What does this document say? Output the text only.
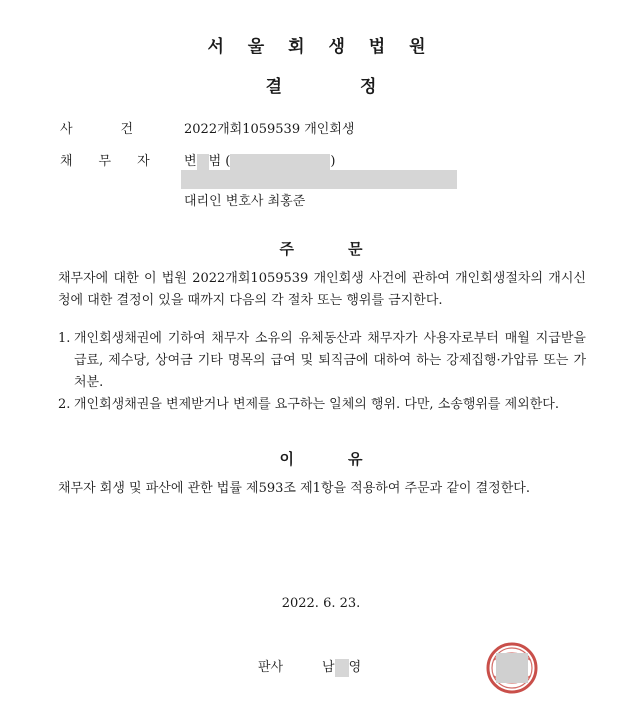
서 울 회 생 법 원
결정
사건 2022개회1059539 개인회생
채무자 변 범 (	)
대리인 변호사 최홍준
주문
채무자에 대한 이 법원 2022개회1059539 개인회생 사건에 관하여 개인회생절차의 개시신청에 대한 결정이 있을 때까지 다음의 각 절차 또는 행위를 금지한다.
1. 개인회생채권에 기하여 채무자 소유의 유체동산과 채무자가 사용자로부터 매월 지급받을 급료, 제수당, 상여금 기타 명목의 급여 및 퇴직금에 대하여 하는 강제집행·가압류 또는 가처분.
2. 개인회생채권을 변제받거나 변제를 요구하는 일체의 행위. 다만, 소송행위를 제외한다.
이유
채무자 회생 및 파산에 관한 법률 제593조 제1항을 적용하여 주문과 같이 결정한다.
2022. 6. 23.
판사	남 영
